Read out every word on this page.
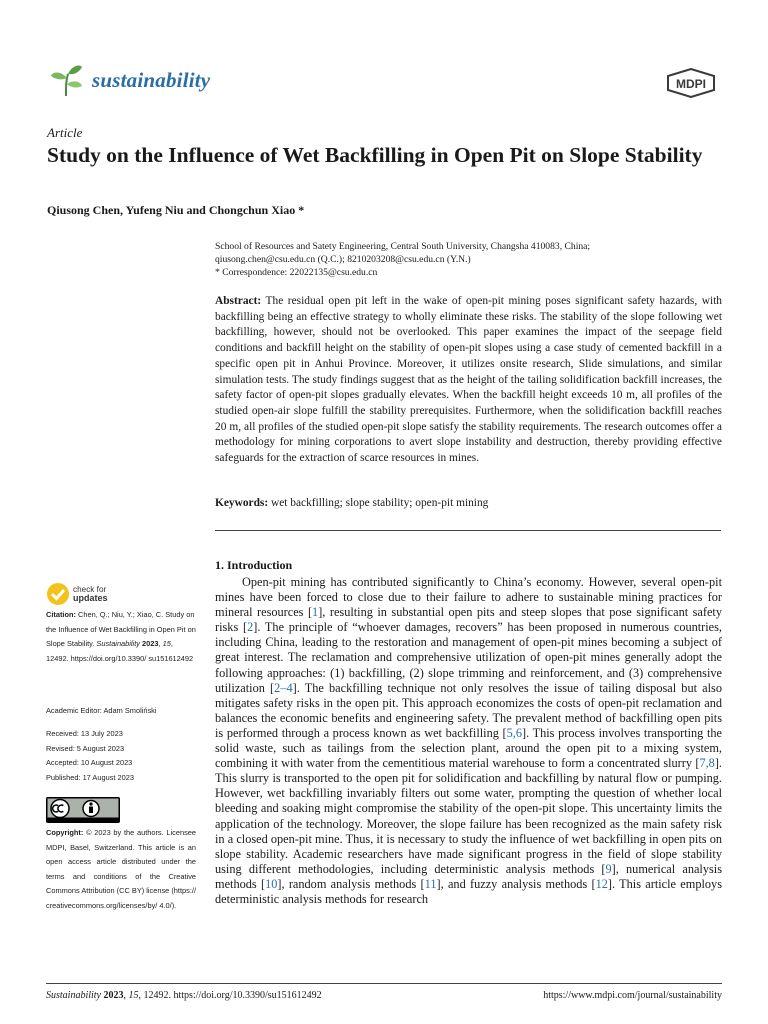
sustainability	MDPI
Article
Study on the Influence of Wet Backfilling in Open Pit on Slope Stability
Qiusong Chen, Yufeng Niu and Chongchun Xiao *
School of Resources and Satety Engineering, Central South University, Changsha 410083, China;
qiusong.chen@csu.edu.cn (Q.C.); 8210203208@csu.edu.cn (Y.N.)
* Correspondence: 22022135@csu.edu.cn
Abstract: The residual open pit left in the wake of open-pit mining poses significant safety hazards, with backfilling being an effective strategy to wholly eliminate these risks. The stability of the slope following wet backfilling, however, should not be overlooked. This paper examines the impact of the seepage field conditions and backfill height on the stability of open-pit slopes using a case study of cemented backfill in a specific open pit in Anhui Province. Moreover, it utilizes onsite research, Slide simulations, and similar simulation tests. The study findings suggest that as the height of the tailing solidification backfill increases, the safety factor of open-pit slopes gradually elevates. When the backfill height exceeds 10 m, all profiles of the studied open-air slope fulfill the stability prerequisites. Furthermore, when the solidification backfill reaches 20 m, all profiles of the studied open-pit slope satisfy the stability requirements. The research outcomes offer a methodology for mining corporations to avert slope instability and destruction, thereby providing effective safeguards for the extraction of scarce resources in mines.
Keywords: wet backfilling; slope stability; open-pit mining
1. Introduction

Open-pit mining has contributed significantly to China’s economy. However, several open-pit mines have been forced to close due to their failure to adhere to sustainable mining practices for mineral resources [1], resulting in substantial open pits and steep slopes that pose significant safety risks [2]. The principle of “whoever damages, recovers” has been proposed in numerous countries, including China, leading to the restoration and management of open-pit mines becoming a subject of great interest. The reclamation and comprehensive utilization of open-pit mines generally adopt the following approaches: (1) backfilling, (2) slope trimming and reinforcement, and (3) comprehensive utilization [2–4]. The backfilling technique not only resolves the issue of tailing disposal but also mitigates safety risks in the open pit. This approach economizes the costs of open-pit reclamation and balances the economic benefits and engineering safety. The prevalent method of backfilling open pits is performed through a process known as wet backfilling [5,6]. This process involves transporting the solid waste, such as tailings from the selection plant, around the open pit to a mixing system, combining it with water from the cementitious material warehouse to form a concentrated slurry [7,8]. This slurry is transported to the open pit for solidification and backfilling by natural flow or pumping. However, wet backfilling invariably filters out some water, prompting the question of whether local bleeding and soaking might compromise the stability of the open-pit slope. This uncertainty limits the application of the technology. Moreover, the slope failure has been recognized as the main safety risk in a closed open-pit mine. Thus, it is necessary to study the influence of wet backfilling in open pits on slope stability. Academic researchers have made significant progress in the field of slope stability using different methodologies, including deterministic analysis methods [9], numerical analysis methods [10], random analysis methods [11], and fuzzy analysis methods [12]. This article employs deterministic analysis methods for research

check for
updates
Citation: Chen, Q.; Niu, Y.; Xiao, C. Study on the Influence of Wet Backfilling in Open Pit on Slope Stability. Sustainability 2023, 15, 12492. https://doi.org/10.3390/ su151612492
Academic Editor: Adam Smoliński
Received: 13 July 2023
Revised: 5 August 2023
Accepted: 10 August 2023
Published: 17 August 2023
Copyright: © 2023 by the authors. Licensee MDPI, Basel, Switzerland. This article is an open access article distributed under the terms and conditions of the Creative Commons Attribution (CC BY) license (https:// creativecommons.org/licenses/by/ 4.0/).
Sustainability 2023, 15, 12492. https://doi.org/10.3390/su151612492	https://www.mdpi.com/journal/sustainability
